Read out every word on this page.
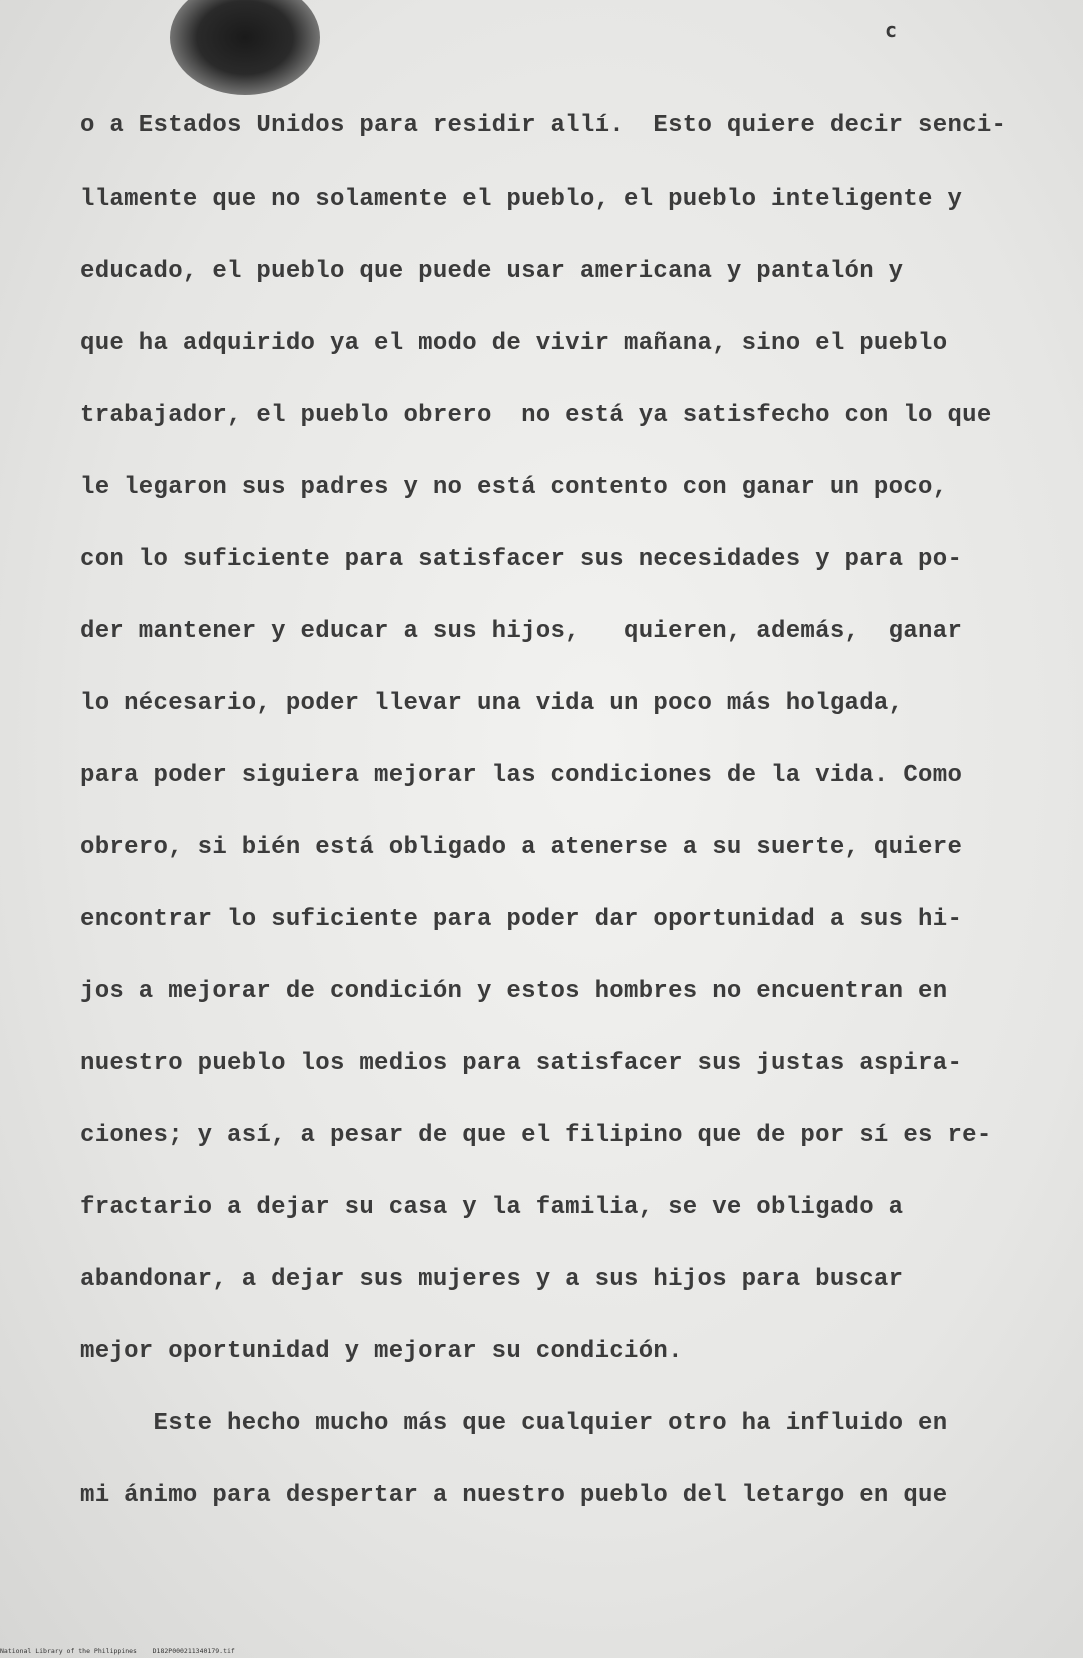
c
o a Estados Unidos para residir allí.  Esto quiere decir senci-
llamente que no solamente el pueblo, el pueblo inteligente y
educado, el pueblo que puede usar americana y pantalón y
que ha adquirido ya el modo de vivir mañana, sino el pueblo
trabajador, el pueblo obrero  no está ya satisfecho con lo que
le legaron sus padres y no está contento con ganar un poco,
con lo suficiente para satisfacer sus necesidades y para po-
der mantener y educar a sus hijos,   quieren, además,  ganar
lo nécesario, poder llevar una vida un poco más holgada,
para poder siguiera mejorar las condiciones de la vida. Como
obrero, si bién está obligado a atenerse a su suerte, quiere
encontrar lo suficiente para poder dar oportunidad a sus hi-
jos a mejorar de condición y estos hombres no encuentran en
nuestro pueblo los medios para satisfacer sus justas aspira-
ciones; y así, a pesar de que el filipino que de por sí es re-
fractario a dejar su casa y la familia, se ve obligado a
abandonar, a dejar sus mujeres y a sus hijos para buscar
mejor oportunidad y mejorar su condición.
Este hecho mucho más que cualquier otro ha influido en
mi ánimo para despertar a nuestro pueblo del letargo en que
National Library of the Philippines D182P000211340179.tif
